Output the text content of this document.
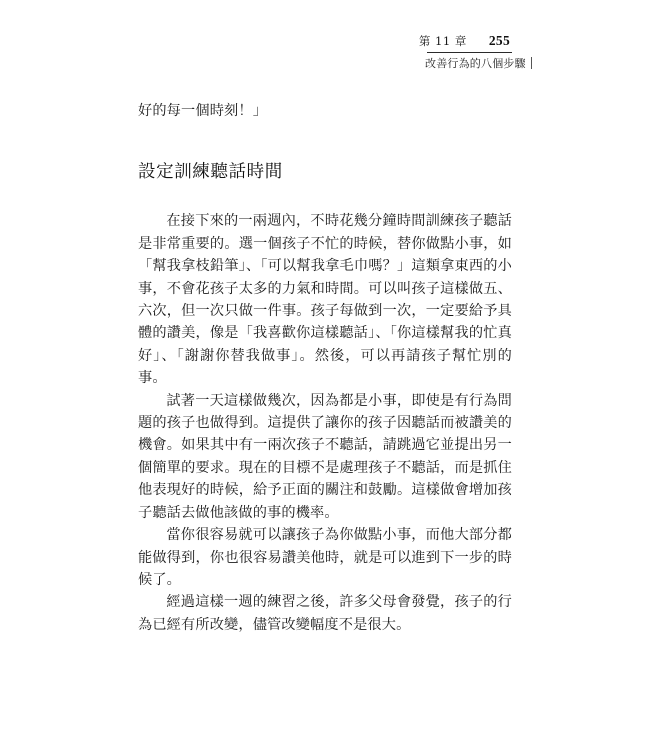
第 11 章 255
改善行為的八個步驟

好的每一個時刻！」

設定訓練聽話時間

在接下來的一兩週內，不時花幾分鐘時間訓練孩子聽話是非常重要的。選一個孩子不忙的時候，替你做點小事，如「幫我拿枝鉛筆」、「可以幫我拿毛巾嗎？」這類拿東西的小事，不會花孩子太多的力氣和時間。可以叫孩子這樣做五、六次，但一次只做一件事。孩子每做到一次，一定要給予具體的讚美，像是「我喜歡你這樣聽話」、「你這樣幫我的忙真好」、「謝謝你替我做事」。然後，可以再請孩子幫忙別的事。

試著一天這樣做幾次，因為都是小事，即使是有行為問題的孩子也做得到。這提供了讓你的孩子因聽話而被讚美的機會。如果其中有一兩次孩子不聽話，請跳過它並提出另一個簡單的要求。現在的目標不是處理孩子不聽話，而是抓住他表現好的時候，給予正面的關注和鼓勵。這樣做會增加孩子聽話去做他該做的事的機率。

當你很容易就可以讓孩子為你做點小事，而他大部分都能做得到，你也很容易讚美他時，就是可以進到下一步的時候了。

經過這樣一週的練習之後，許多父母會發覺，孩子的行為已經有所改變，儘管改變幅度不是很大。
